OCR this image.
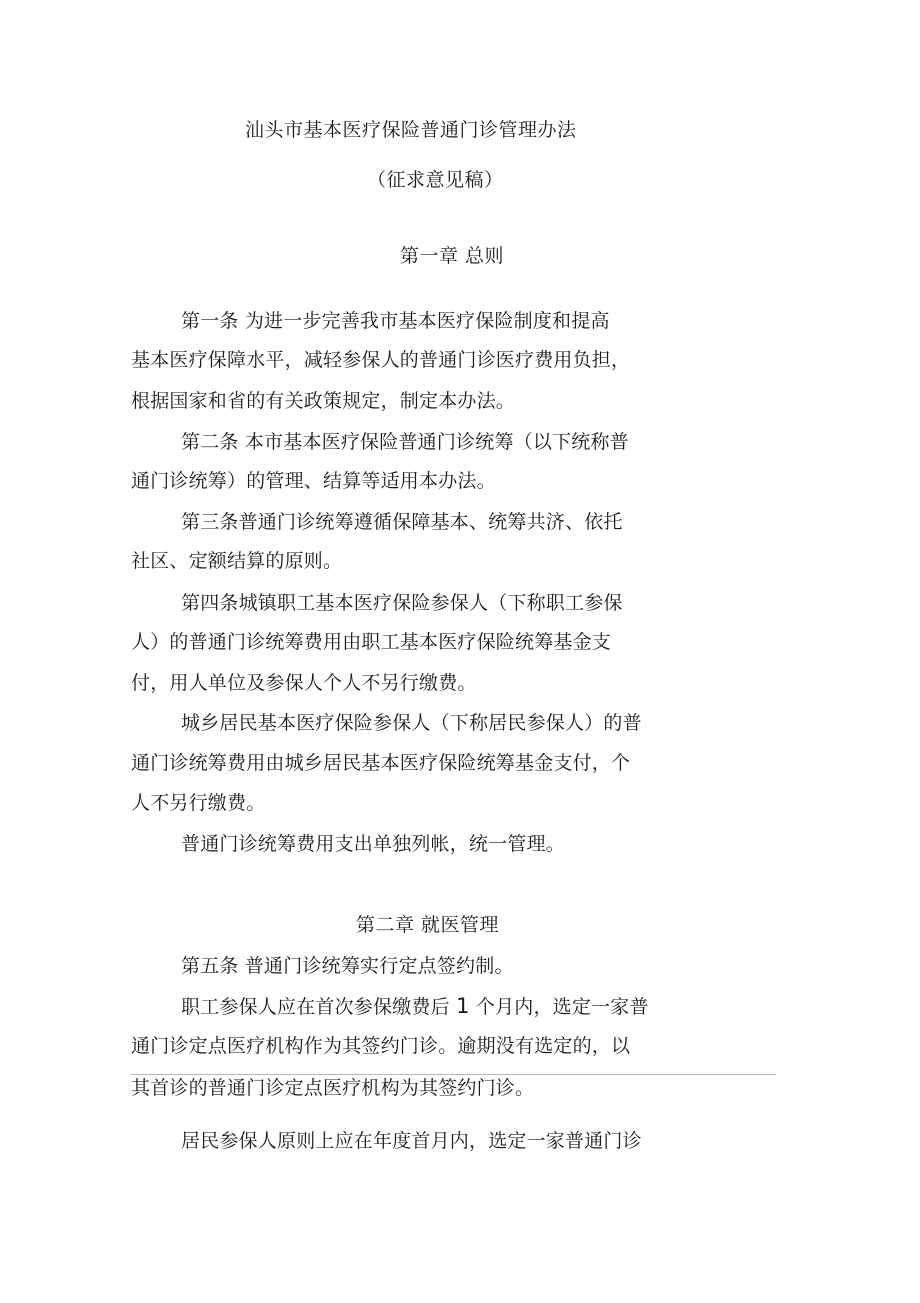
汕头市基本医疗保险普通门诊管理办法
（征求意见稿）
第一章 总则
第一条 为进一步完善我市基本医疗保险制度和提高
基本医疗保障水平，减轻参保人的普通门诊医疗费用负担，
根据国家和省的有关政策规定，制定本办法。
第二条 本市基本医疗保险普通门诊统筹（以下统称普
通门诊统筹）的管理、结算等适用本办法。
第三条普通门诊统筹遵循保障基本、统筹共济、依托
社区、定额结算的原则。
第四条城镇职工基本医疗保险参保人（下称职工参保
人）的普通门诊统筹费用由职工基本医疗保险统筹基金支
付，用人单位及参保人个人不另行缴费。
城乡居民基本医疗保险参保人（下称居民参保人）的普
通门诊统筹费用由城乡居民基本医疗保险统筹基金支付，个
人不另行缴费。
普通门诊统筹费用支出单独列帐，统一管理。
第二章 就医管理
第五条 普通门诊统筹实行定点签约制。
职工参保人应在首次参保缴费后 1 个月内，选定一家普
通门诊定点医疗机构作为其签约门诊。逾期没有选定的，以
其首诊的普通门诊定点医疗机构为其签约门诊。
居民参保人原则上应在年度首月内，选定一家普通门诊
